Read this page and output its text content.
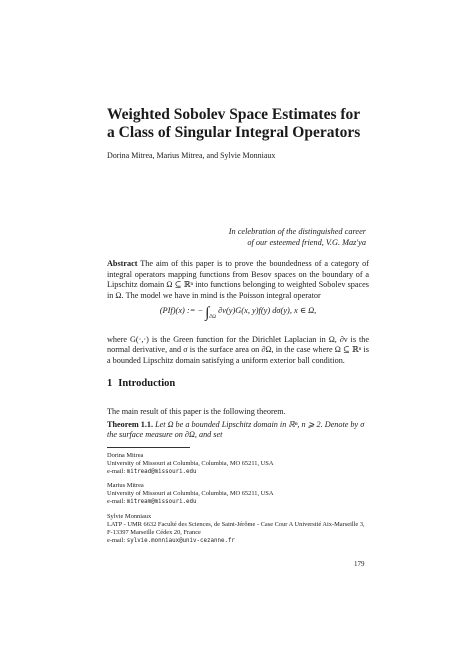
Weighted Sobolev Space Estimates for
a Class of Singular Integral Operators
Dorina Mitrea, Marius Mitrea, and Sylvie Monniaux
In celebration of the distinguished career
of our esteemed friend, V.G. Maz'ya
Abstract The aim of this paper is to prove the boundedness of a category of integral operators mapping functions from Besov spaces on the boundary of a Lipschitz domain Ω ⊆ ℝⁿ into functions belonging to weighted Sobolev spaces in Ω. The model we have in mind is the Poisson integral operator
(PIf)(x) := − $\int_{\partial\Omega}$ ∂ν(y)G(x, y)f(y) dσ(y), x ∈ Ω,
where G(·,·) is the Green function for the Dirichlet Laplacian in Ω, ∂ν is the normal derivative, and σ is the surface area on ∂Ω, in the case where Ω ⊆ ℝⁿ is a bounded Lipschitz domain satisfying a uniform exterior ball condition.
1 Introduction
The main result of this paper is the following theorem.
Theorem 1.1. Let Ω be a bounded Lipschitz domain in ℝⁿ, n ⩾ 2. Denote by σ the surface measure on ∂Ω, and set
Dorina Mitrea
University of Missouri at Columbia, Columbia, MO 65211, USA
e-mail: mitread@missouri.edu
Marius Mitrea
University of Missouri at Columbia, Columbia, MO 65211, USA
e-mail: mitream@missouri.edu
Sylvie Monniaux
LATP - UMR 6632 Faculté des Sciences, de Saint-Jérôme - Case Cour A Université Aix-Marseille 3, F-13397 Marseille Cédex 20, France
e-mail: sylvie.monniaux@univ-cezanne.fr
179
